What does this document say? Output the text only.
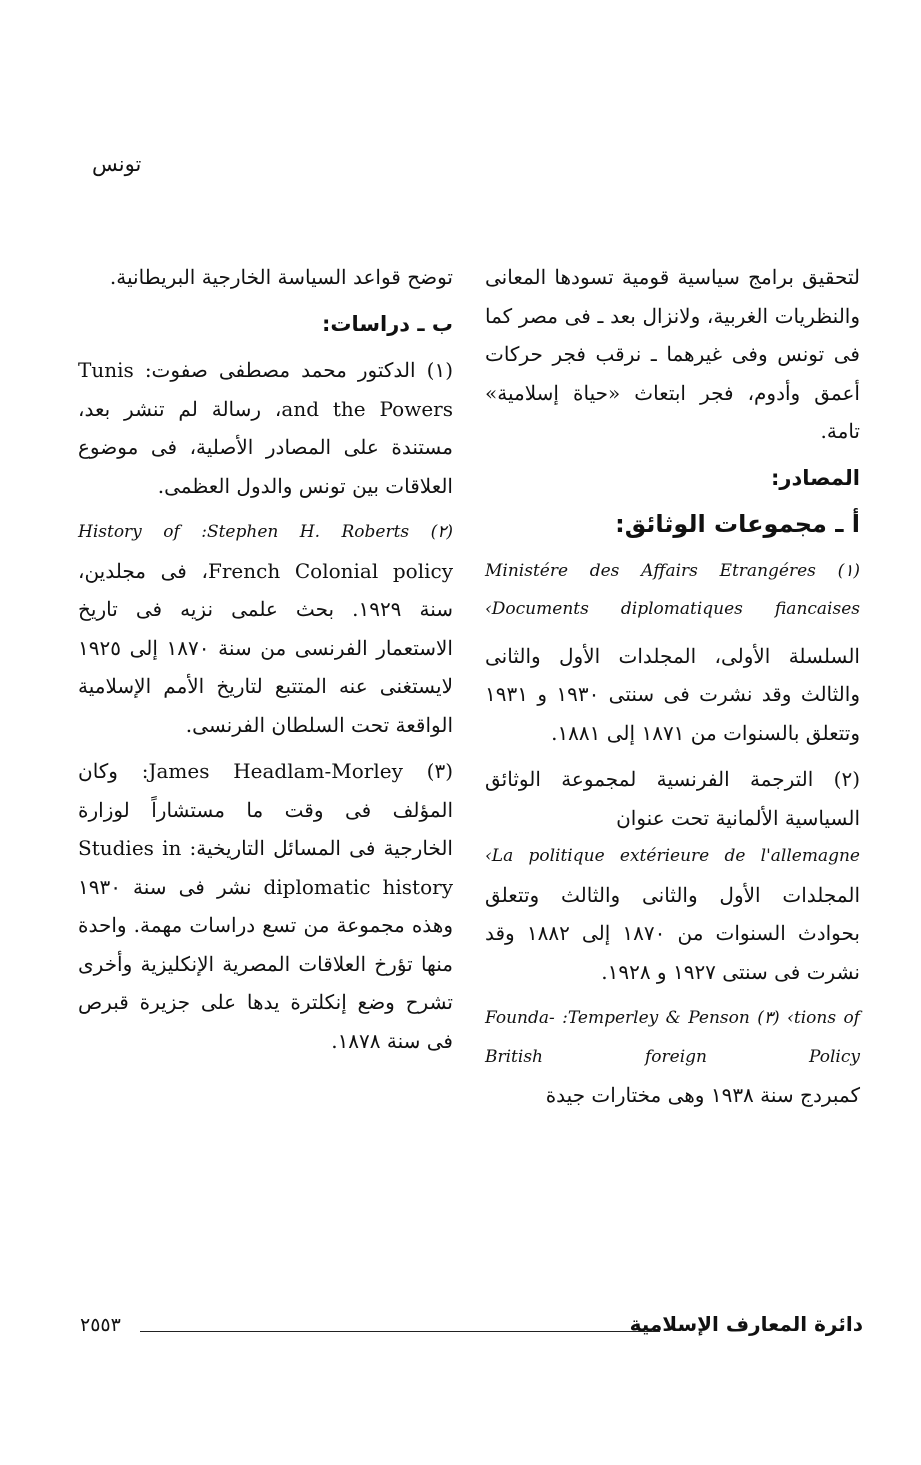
تونس

لتحقيق برامج سياسية قومية تسودها المعانى والنظريات الغربية، ولانزال بعد ـ فى مصر كما فى تونس وفى غيرهما ـ نرقب فجر حركات أعمق وأدوم، فجر ابتعاث «حياة إسلامية» تامة.

المصادر:

أ ـ مجموعات الوثائق:

Ministére des Affairs Etrangéres (١) ‹Documents diplomatiques fiancaises

السلسلة الأولى، المجلدات الأول والثانى والثالث وقد نشرت فى سنتى ١٩٣٠ و ١٩٣١ وتتعلق بالسنوات من ١٨٧١ إلى ١٨٨١.

(٢) الترجمة الفرنسية لمجموعة الوثائق السياسية الألمانية تحت عنوان

‹La politique extérieure de l'allemagne

المجلدات الأول والثانى والثالث وتتعلق بحوادث السنوات من ١٨٧٠ إلى ١٨٨٢ وقد نشرت فى سنتى ١٩٢٧ و ١٩٢٨.

Founda- :Temperley & Penson (٣) ‹tions of British foreign Policy

كمبردج سنة ١٩٣٨ وهى مختارات جيدة

توضح قواعد السياسة الخارجية البريطانية.

ب ـ دراسات:

(١) الدكتور محمد مصطفى صفوت: Tunis and the Powers، رسالة لم تنشر بعد، مستندة على المصادر الأصلية، فى موضوع العلاقات بين تونس والدول العظمى.

History of :Stephen H. Roberts (٢)

French Colonial policy، فى مجلدين، سنة ١٩٢٩. بحث علمى نزيه فى تاريخ الاستعمار الفرنسى من سنة ١٨٧٠ إلى ١٩٢٥ لايستغنى عنه المتتبع لتاريخ الأمم الإسلامية الواقعة تحت السلطان الفرنسى.

(٣) James Headlam-Morley: وكان المؤلف فى وقت ما مستشاراً لوزارة الخارجية فى المسائل التاريخية: Studies in diplomatic history نشر فى سنة ١٩٣٠ وهذه مجموعة من تسع دراسات مهمة. واحدة منها تؤرخ العلاقات المصرية الإنكليزية وأخرى تشرح وضع إنكلترة يدها على جزيرة قبرص فى سنة ١٨٧٨.

دائرة المعارف الإسلامية
٢٥٥٣
